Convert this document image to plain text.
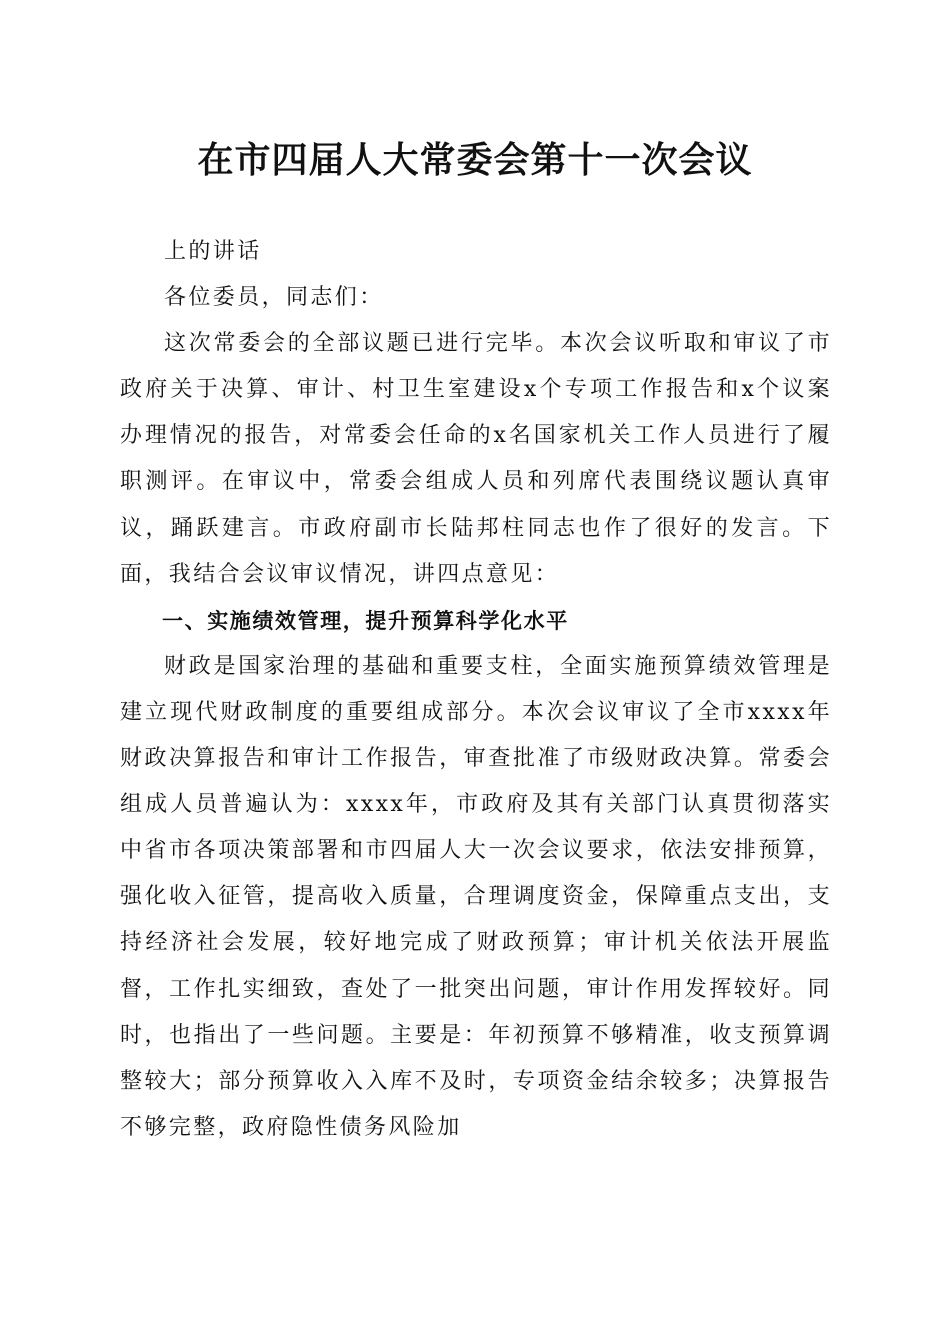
在市四届人大常委会第十一次会议

上的讲话

各位委员，同志们：

这次常委会的全部议题已进行完毕。本次会议听取和审议了市政府关于决算、审计、村卫生室建设x个专项工作报告和x个议案办理情况的报告，对常委会任命的x名国家机关工作人员进行了履职测评。在审议中，常委会组成人员和列席代表围绕议题认真审议，踊跃建言。市政府副市长陆邦柱同志也作了很好的发言。下面，我结合会议审议情况，讲四点意见：

一、实施绩效管理，提升预算科学化水平

财政是国家治理的基础和重要支柱，全面实施预算绩效管理是建立现代财政制度的重要组成部分。本次会议审议了全市xxxx年财政决算报告和审计工作报告，审查批准了市级财政决算。常委会组成人员普遍认为：xxxx年，市政府及其有关部门认真贯彻落实中省市各项决策部署和市四届人大一次会议要求，依法安排预算，强化收入征管，提高收入质量，合理调度资金，保障重点支出，支持经济社会发展，较好地完成了财政预算；审计机关依法开展监督，工作扎实细致，查处了一批突出问题，审计作用发挥较好。同时，也指出了一些问题。主要是：年初预算不够精准，收支预算调整较大；部分预算收入入库不及时，专项资金结余较多；决算报告不够完整，政府隐性债务风险加
